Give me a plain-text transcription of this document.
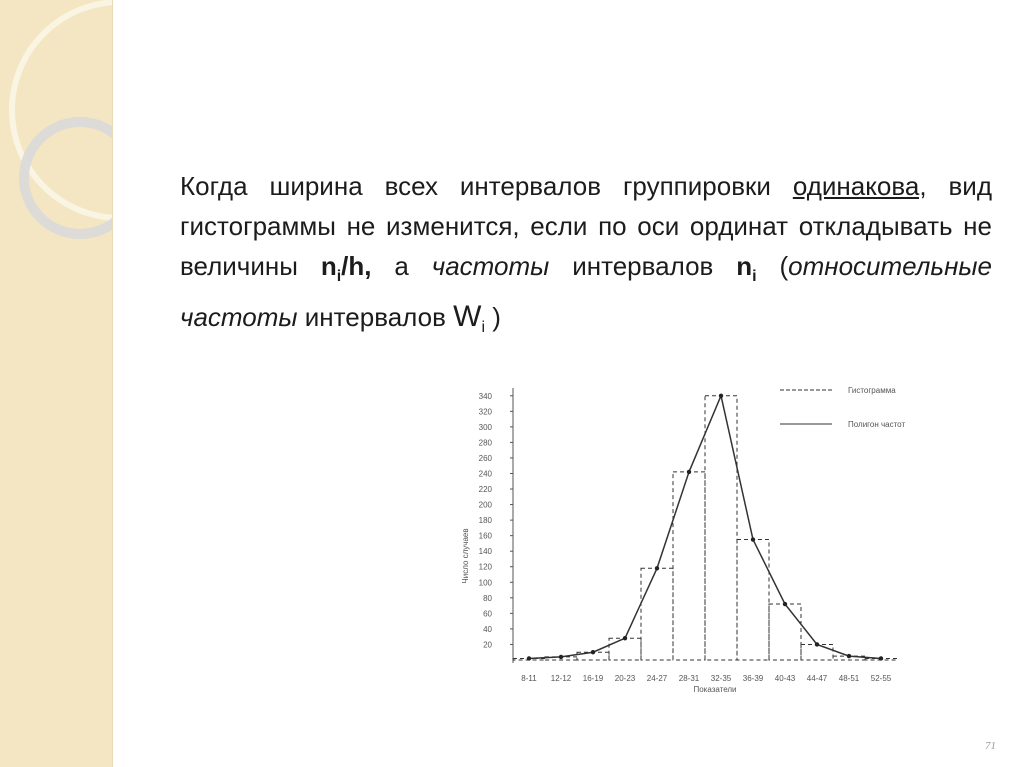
Когда ширина всех интервалов группировки одинакова, вид гистограммы не изменится, если по оси ординат откладывать не величины $n_i/h$, а частоты интервалов $n_i$ (относительные частоты интервалов $W_i$ )
340
320
300
280
260
240
220
200
180
160
140
120
100
80
60
40
20
8-11 12-12 16-19 20-23 24-27 28-31 32-35 36-39 40-43 44-47 48-51 52-55
Число случаев
Показатели
Гистограмма
Полигон частот
71
